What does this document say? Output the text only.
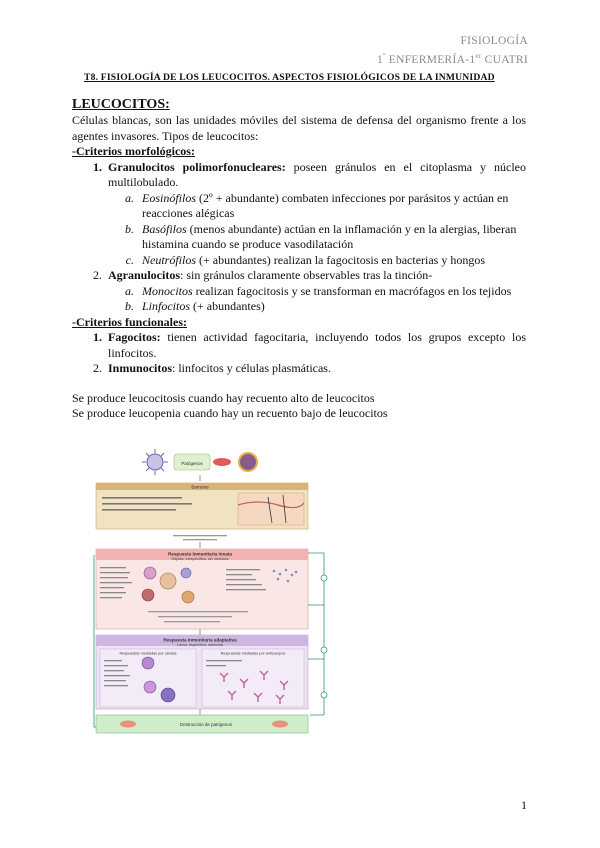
FISIOLOGÍA
$1^º$ ENFERMERÍA-1er CUATRI
T8. FISIOLOGÍA DE LOS LEUCOCITOS. ASPECTOS FISIOLÓGICOS DE LA INMUNIDAD
LEUCOCITOS:
Células blancas, son las unidades móviles del sistema de defensa del organismo frente a los agentes invasores. Tipos de leucocitos:
-Criterios morfológicos:
1. Granulocitos polimorfonucleares: poseen gránulos en el citoplasma y núcleo multilobulado.
a. Eosinófilos (2º + abundante) combaten infecciones por parásitos y actúan en reacciones alégicas
b. Basófilos (menos abundante) actúan en la inflamación y en la alergias, liberan histamina cuando se produce vasodilatación
c. Neutrófilos (+ abundantes) realizan la fagocitosis en bacterias y hongos
2. Agranulocitos: sin gránulos claramente observables tras la tinción-
a. Monocitos realizan fagocitosis y se transforman en macrófagos en los tejidos
b. Linfocitos (+ abundantes)
-Criterios funcionales:
1. Fagocitos: tienen actividad fagocitaria, incluyendo todos los grupos excepto los linfocitos.
2. Inmunocitos: linfocitos y células plasmáticas.
Se produce leucocitosis cuando hay recuento alto de leucocitos
Se produce leucopenia cuando hay un recuento bajo de leucocitos
Patógenos
Barreras
Respuesta inmunitaria innata
Rápida, inespecífica, sin memoria
Respuesta inmunitaria adaptativa
Lenta, específica, memoria
Respuestas mediadas por células	Respuestas mediadas por anticuerpos
Destrucción de patógenos
1
